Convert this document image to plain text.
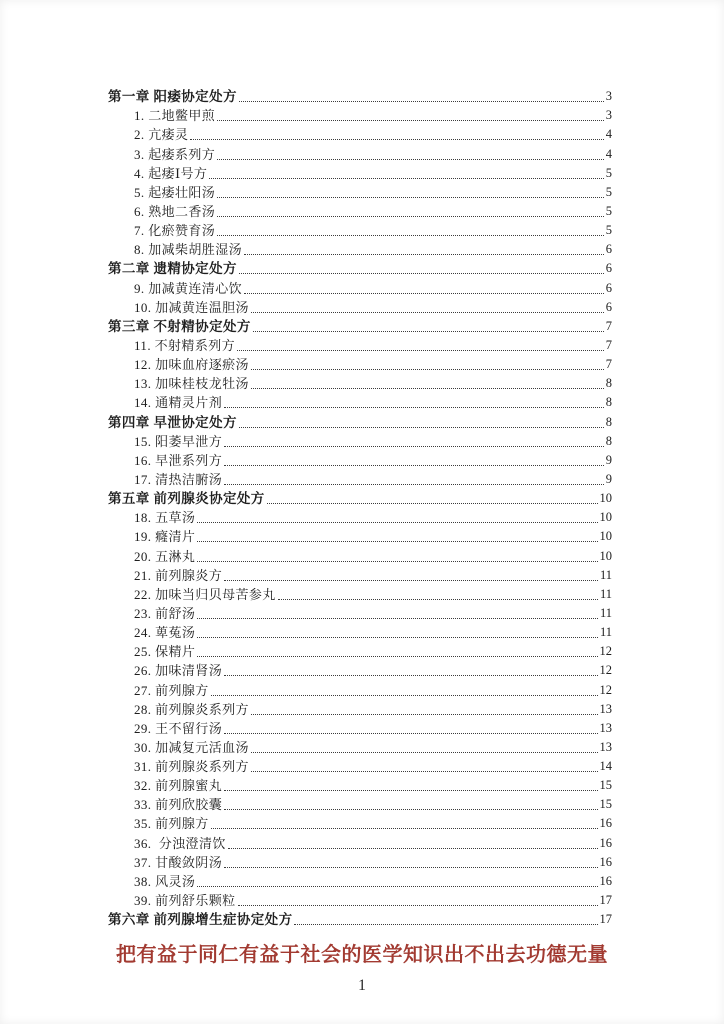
第一章 阳痿协定处方	3
1. 二地鳖甲煎	3
2. 亢痿灵	4
3. 起痿系列方	4
4. 起痿Ⅰ号方	5
5. 起痿壮阳汤	5
6. 熟地二香汤	5
7. 化瘀赞育汤	5
8. 加减柴胡胜湿汤	6
第二章 遗精协定处方	6
9. 加减黄连清心饮	6
10. 加减黄连温胆汤	6
第三章 不射精协定处方	7
11. 不射精系列方	7
12. 加味血府逐瘀汤	7
13. 加味桂枝龙牡汤	8
14. 通精灵片剂	8
第四章 早泄协定处方	8
15. 阳萎早泄方	8
16. 早泄系列方	9
17. 清热洁腑汤	9
第五章 前列腺炎协定处方	10
18. 五草汤	10
19. 癃清片	10
20. 五淋丸	10
21. 前列腺炎方	11
22. 加味当归贝母苦参丸	11
23. 前舒汤	11
24. 萆菟汤	11
25. 保精片	12
26. 加味清肾汤	12
27. 前列腺方	12
28. 前列腺炎系列方	13
29. 王不留行汤	13
30. 加减复元活血汤	13
31. 前列腺炎系列方	14
32. 前列腺蜜丸	15
33. 前列欣胶囊	15
35. 前列腺方	16
36.  分浊澄清饮	16
37. 甘酸敛阴汤	16
38. 风灵汤	16
39. 前列舒乐颗粒	17
第六章 前列腺增生症协定处方	17
把有益于同仁有益于社会的医学知识出不出去功德无量
1
